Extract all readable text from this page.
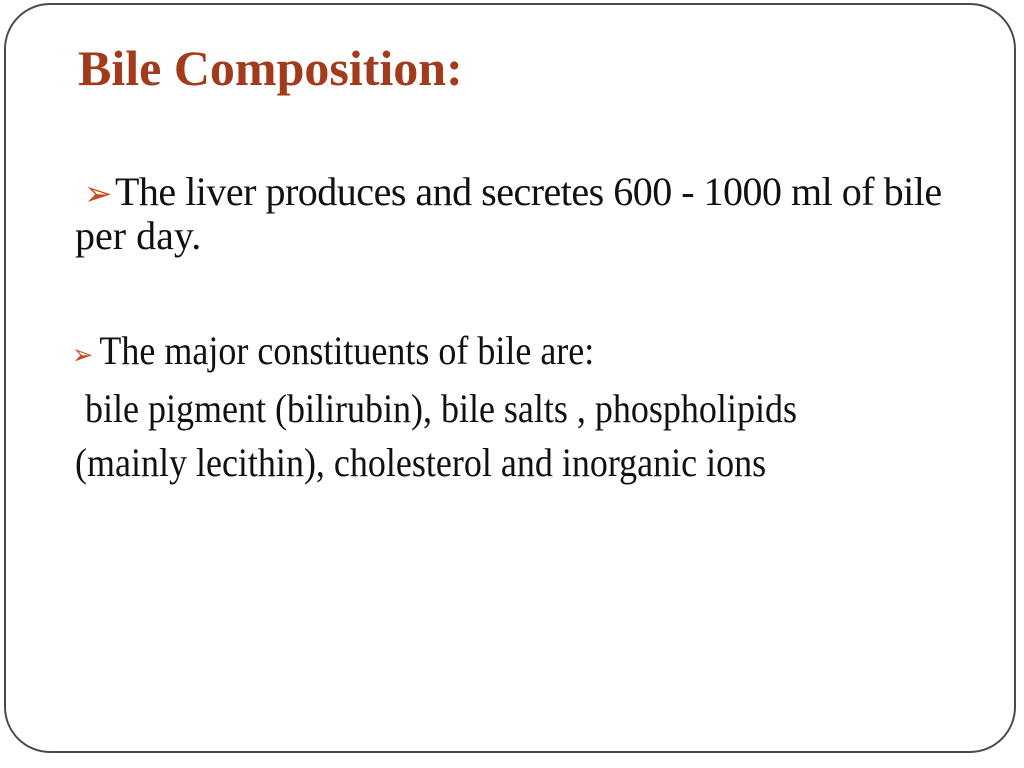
Bile Composition:
➢The liver produces and secretes 600 - 1000 ml of bile
per day.
➢ The major constituents of bile are:
bile pigment (bilirubin), bile salts , phospholipids
(mainly lecithin), cholesterol and inorganic ions
